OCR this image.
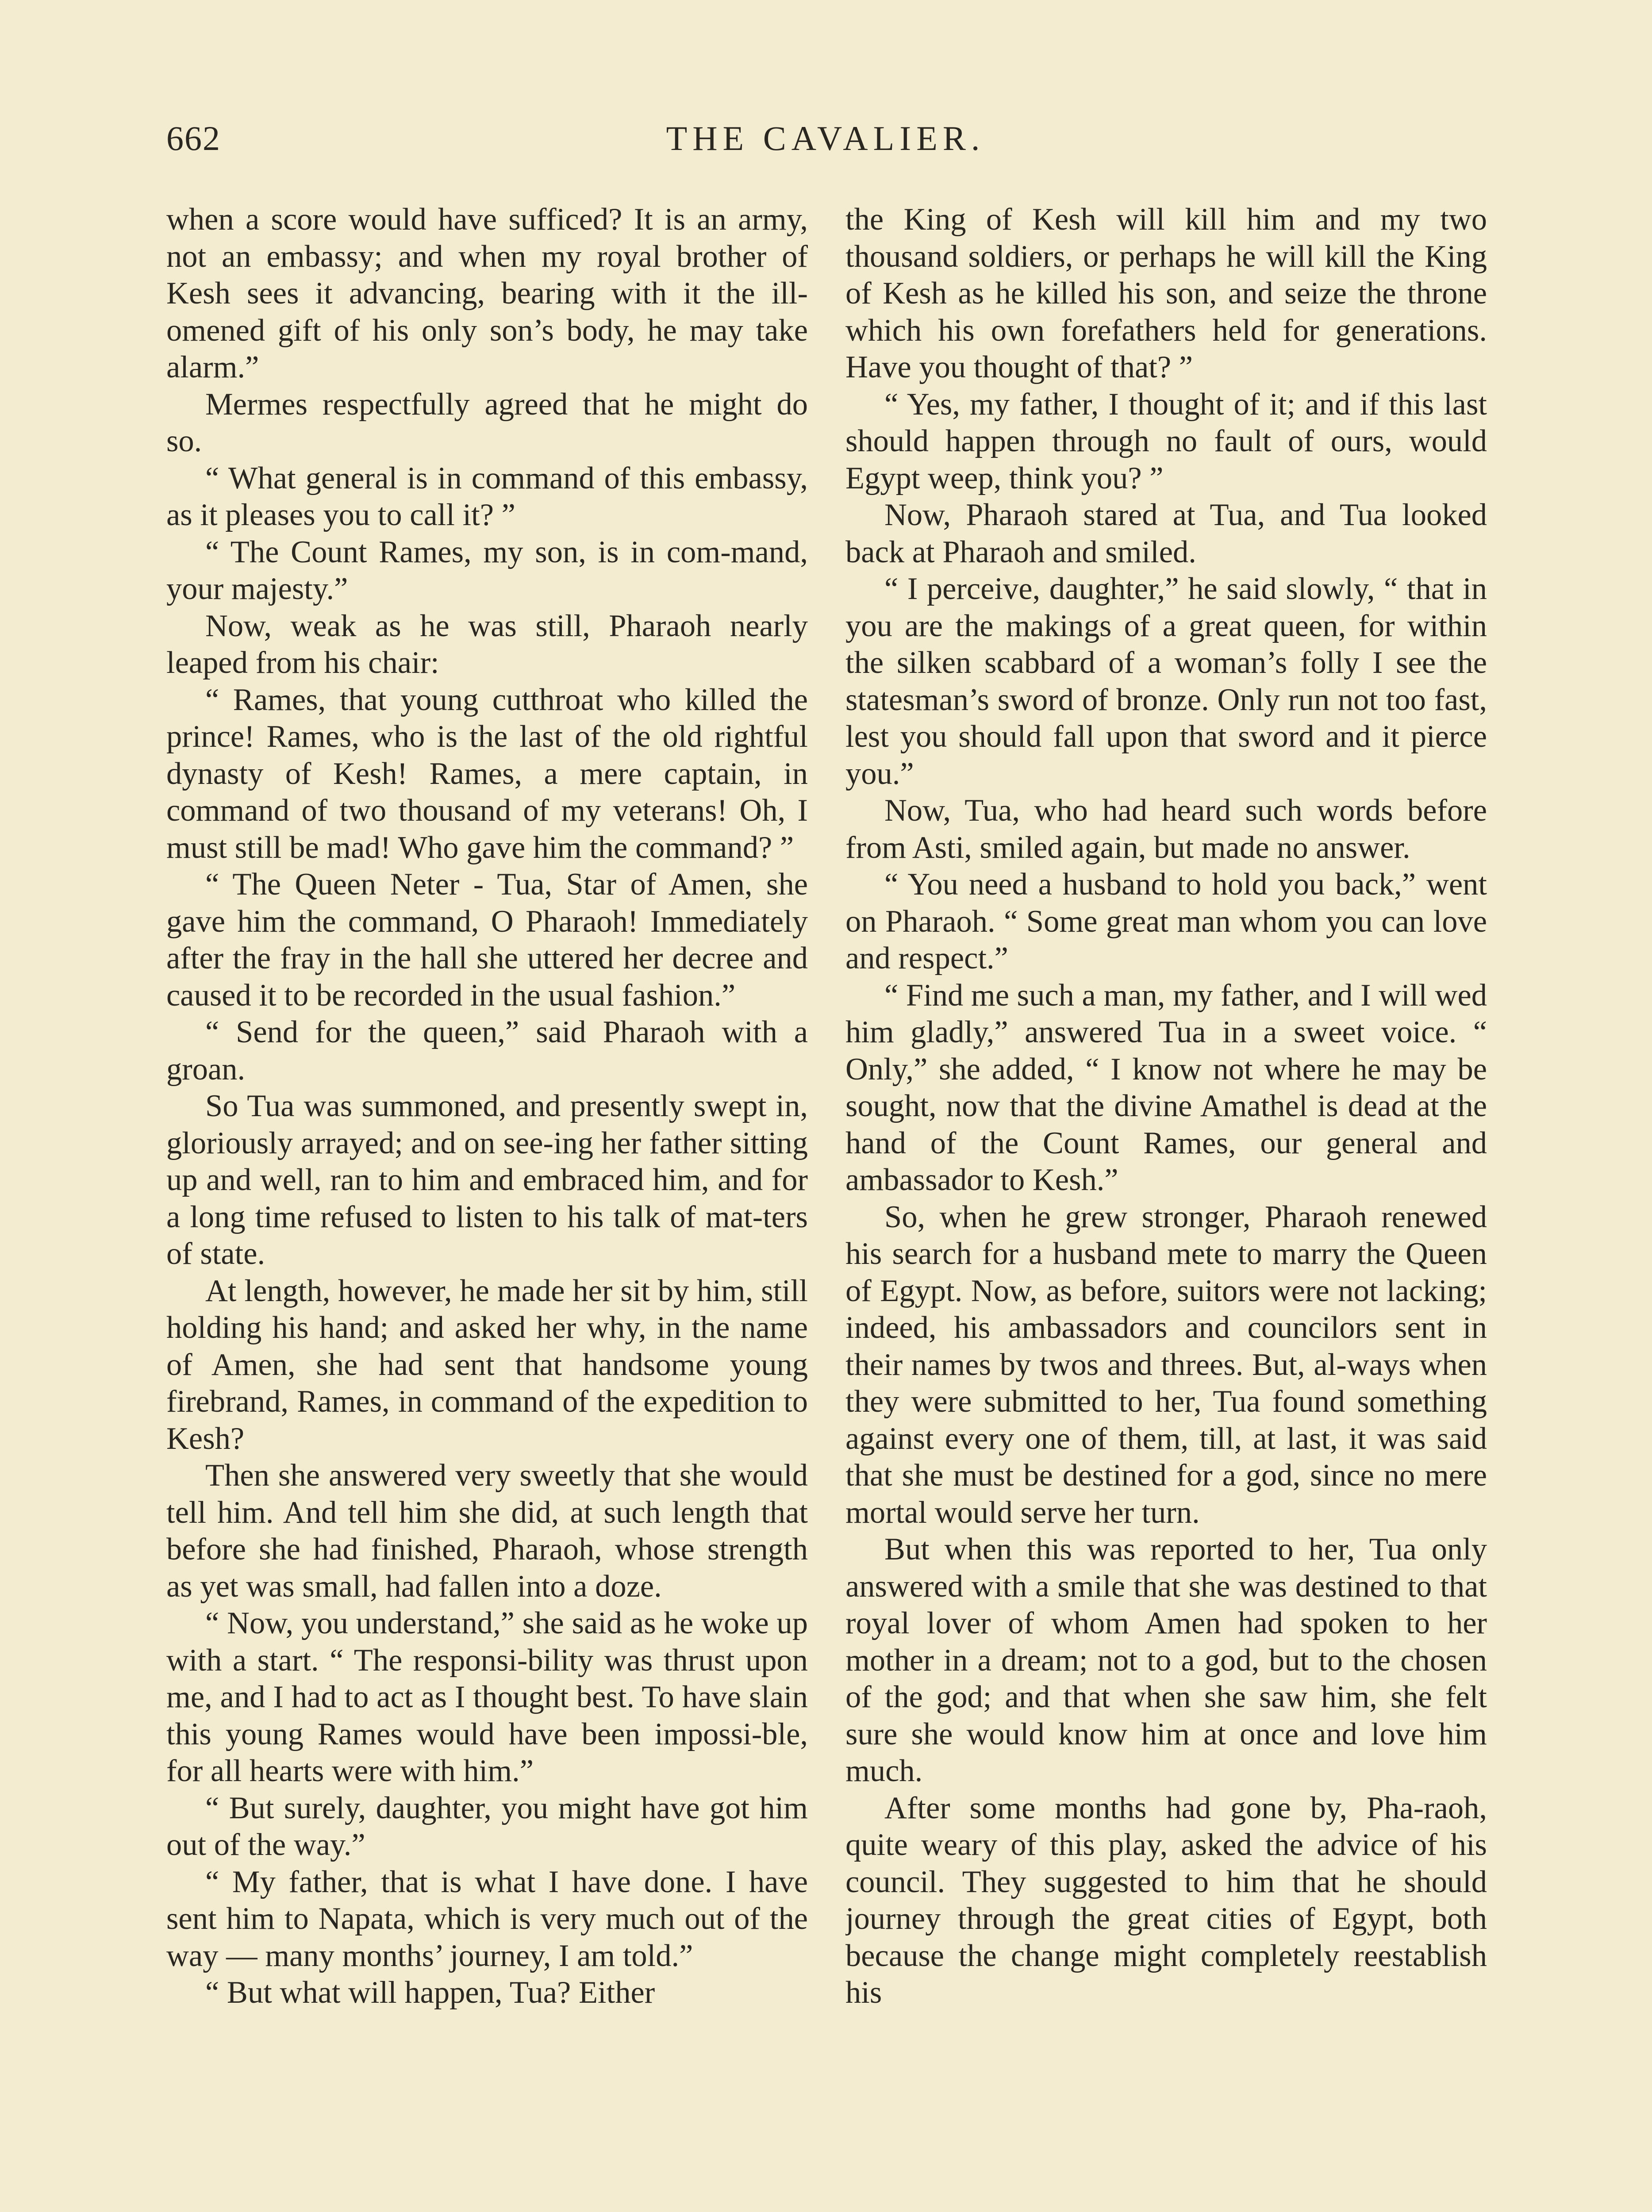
662	THE CAVALIER.

when a score would have sufficed? It is an army, not an embassy; and when my royal brother of Kesh sees it advancing, bearing with it the ill-omened gift of his only son’s body, he may take alarm.”

Mermes respectfully agreed that he might do so.

“ What general is in command of this embassy, as it pleases you to call it? ”

“ The Count Rames, my son, is in com-mand, your majesty.”

Now, weak as he was still, Pharaoh nearly leaped from his chair:

“ Rames, that young cutthroat who killed the prince! Rames, who is the last of the old rightful dynasty of Kesh! Rames, a mere captain, in command of two thousand of my veterans! Oh, I must still be mad! Who gave him the command? ”

“ The Queen Neter - Tua, Star of Amen, she gave him the command, O Pharaoh! Immediately after the fray in the hall she uttered her decree and caused it to be recorded in the usual fashion.”

“ Send for the queen,” said Pharaoh with a groan.

So Tua was summoned, and presently swept in, gloriously arrayed; and on see-ing her father sitting up and well, ran to him and embraced him, and for a long time refused to listen to his talk of mat-ters of state.

At length, however, he made her sit by him, still holding his hand; and asked her why, in the name of Amen, she had sent that handsome young firebrand, Rames, in command of the expedition to Kesh?

Then she answered very sweetly that she would tell him. And tell him she did, at such length that before she had finished, Pharaoh, whose strength as yet was small, had fallen into a doze.

“ Now, you understand,” she said as he woke up with a start. “ The responsi-bility was thrust upon me, and I had to act as I thought best. To have slain this young Rames would have been impossi-ble, for all hearts were with him.”

“ But surely, daughter, you might have got him out of the way.”

“ My father, that is what I have done. I have sent him to Napata, which is very much out of the way — many months’ journey, I am told.”

“ But what will happen, Tua? Either

the King of Kesh will kill him and my two thousand soldiers, or perhaps he will kill the King of Kesh as he killed his son, and seize the throne which his own forefathers held for generations. Have you thought of that? ”

“ Yes, my father, I thought of it; and if this last should happen through no fault of ours, would Egypt weep, think you? ”

Now, Pharaoh stared at Tua, and Tua looked back at Pharaoh and smiled.

“ I perceive, daughter,” he said slowly, “ that in you are the makings of a great queen, for within the silken scabbard of a woman’s folly I see the statesman’s sword of bronze. Only run not too fast, lest you should fall upon that sword and it pierce you.”

Now, Tua, who had heard such words before from Asti, smiled again, but made no answer.

“ You need a husband to hold you back,” went on Pharaoh. “ Some great man whom you can love and respect.”

“ Find me such a man, my father, and I will wed him gladly,” answered Tua in a sweet voice. “ Only,” she added, “ I know not where he may be sought, now that the divine Amathel is dead at the hand of the Count Rames, our general and ambassador to Kesh.”

So, when he grew stronger, Pharaoh renewed his search for a husband mete to marry the Queen of Egypt. Now, as before, suitors were not lacking; indeed, his ambassadors and councilors sent in their names by twos and threes. But, al-ways when they were submitted to her, Tua found something against every one of them, till, at last, it was said that she must be destined for a god, since no mere mortal would serve her turn.

But when this was reported to her, Tua only answered with a smile that she was destined to that royal lover of whom Amen had spoken to her mother in a dream; not to a god, but to the chosen of the god; and that when she saw him, she felt sure she would know him at once and love him much.

After some months had gone by, Pha-raoh, quite weary of this play, asked the advice of his council. They suggested to him that he should journey through the great cities of Egypt, both because the change might completely reestablish his
